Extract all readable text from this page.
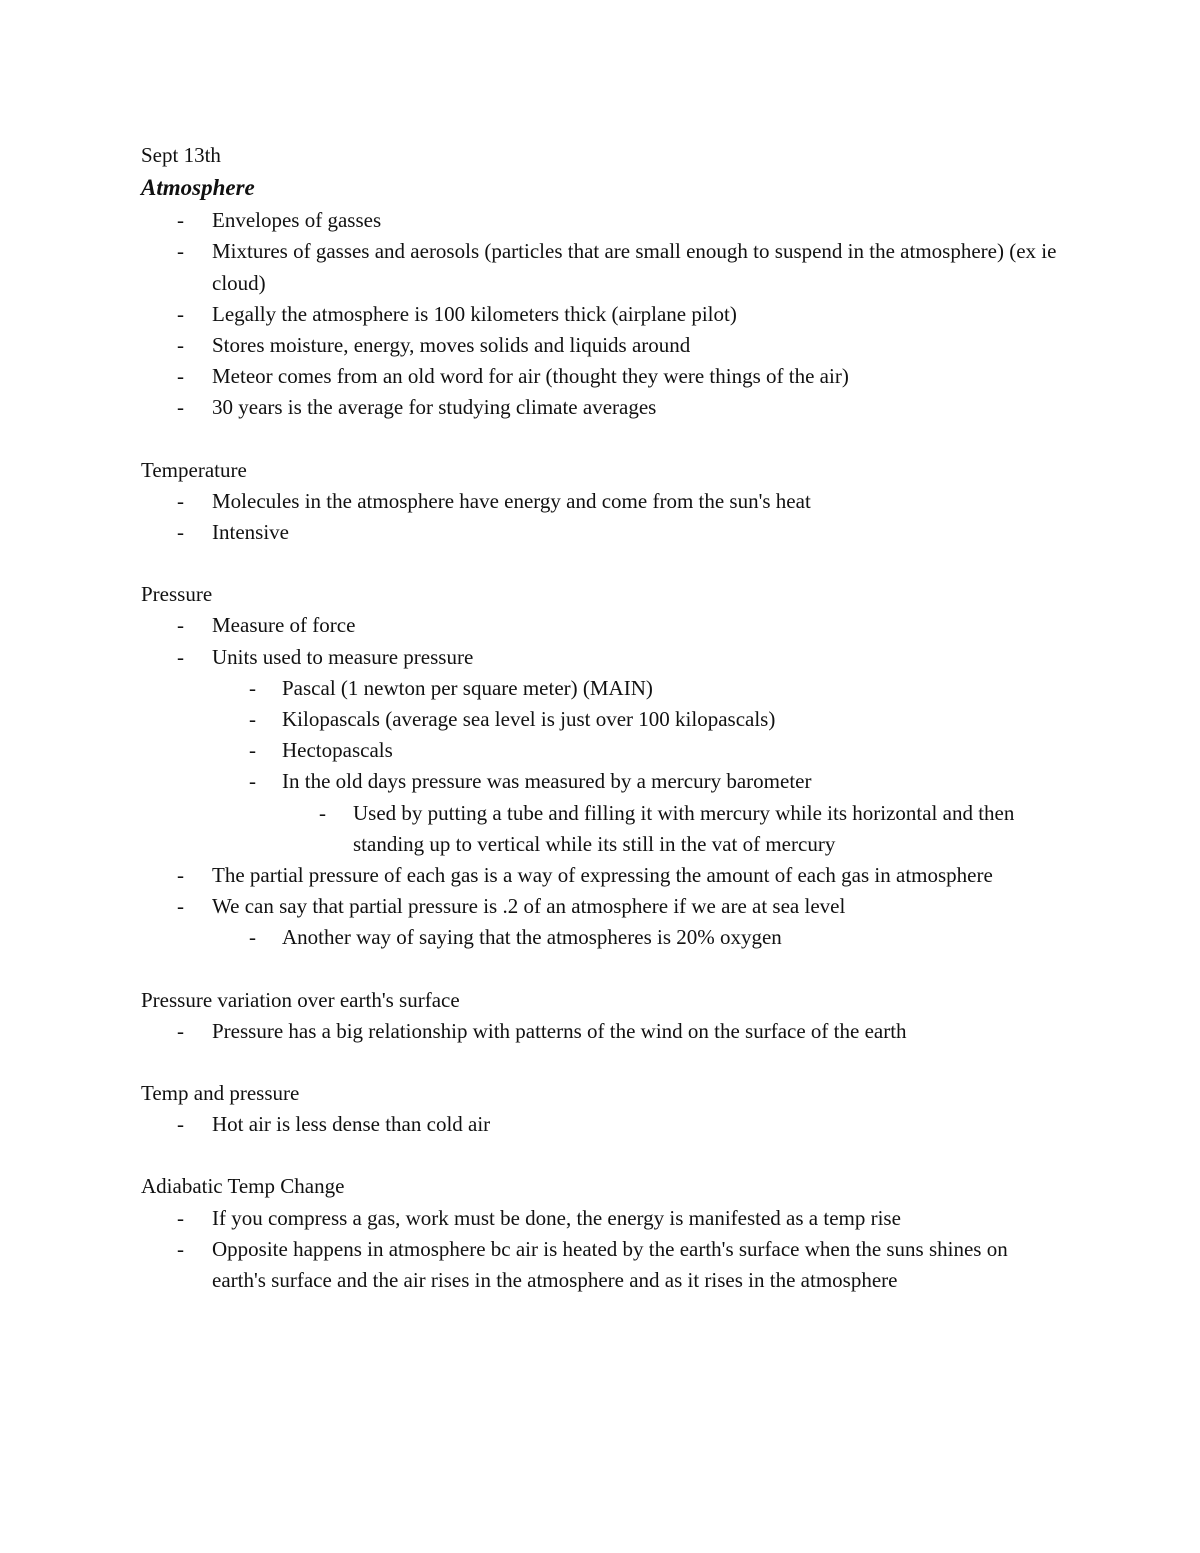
Sept 13th

Atmosphere
- Envelopes of gasses
- Mixtures of gasses and aerosols (particles that are small enough to suspend in the atmosphere) (ex ie cloud)
- Legally the atmosphere is 100 kilometers thick (airplane pilot)
- Stores moisture, energy, moves solids and liquids around
- Meteor comes from an old word for air (thought they were things of the air)
- 30 years is the average for studying climate averages
Temperature
- Molecules in the atmosphere have energy and come from the sun's heat
- Intensive
Pressure
- Measure of force
- Units used to measure pressure
- Pascal (1 newton per square meter) (MAIN)
- Kilopascals (average sea level is just over 100 kilopascals)
- Hectopascals
- In the old days pressure was measured by a mercury barometer
- Used by putting a tube and filling it with mercury while its horizontal and then standing up to vertical while its still in the vat of mercury
- The partial pressure of each gas is a way of expressing the amount of each gas in atmosphere
- We can say that partial pressure is .2 of an atmosphere if we are at sea level
- Another way of saying that the atmospheres is 20% oxygen
Pressure variation over earth's surface
- Pressure has a big relationship with patterns of the wind on the surface of the earth
Temp and pressure
- Hot air is less dense than cold air
Adiabatic Temp Change
- If you compress a gas, work must be done, the energy is manifested as a temp rise
- Opposite happens in atmosphere bc air is heated by the earth's surface when the suns shines on earth's surface and the air rises in the atmosphere and as it rises in the atmosphere
